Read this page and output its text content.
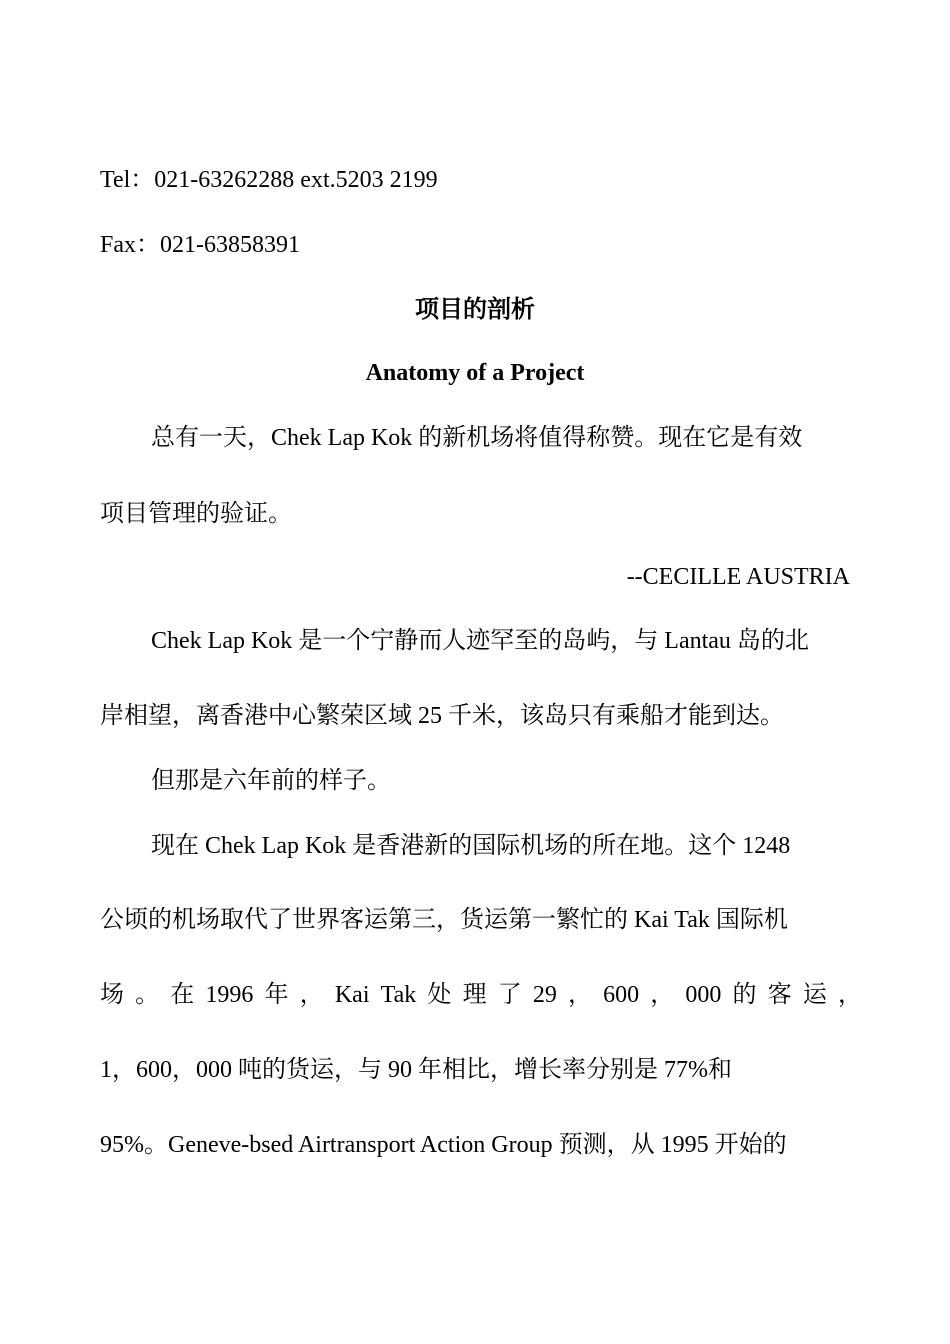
Tel：021-63262288 ext.5203 2199
Fax：021-63858391
项目的剖析
Anatomy of a Project
总有一天，Chek Lap Kok 的新机场将值得称赞。现在它是有效
项目管理的验证。
--CECILLE AUSTRIA
Chek Lap Kok 是一个宁静而人迹罕至的岛屿，与 Lantau 岛的北
岸相望，离香港中心繁荣区域 25 千米，该岛只有乘船才能到达。
但那是六年前的样子。
现在 Chek Lap Kok 是香港新的国际机场的所在地。这个 1248
公顷的机场取代了世界客运第三，货运第一繁忙的 Kai Tak 国际机
场 。 在 1996 年 ， Kai Tak 处 理 了 29 ， 600 ， 000 的 客 运 ，
1，600，000 吨的货运，与 90 年相比，增长率分别是 77%和
95%。Geneve-bsed Airtransport Action Group 预测，从 1995 开始的
